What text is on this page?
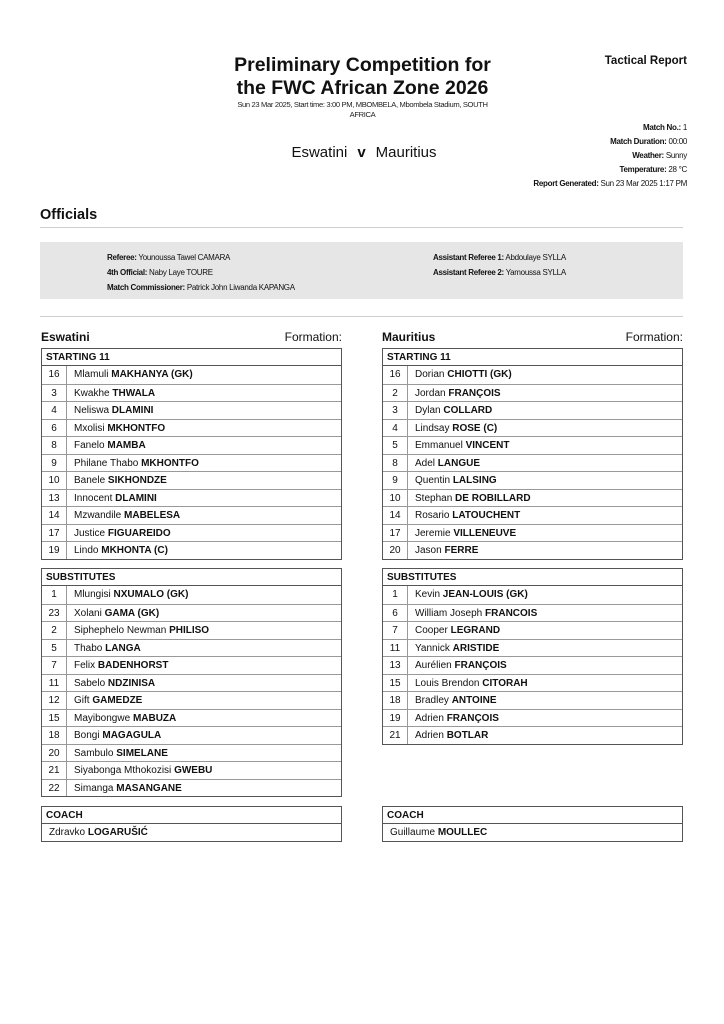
Preliminary Competition for
the FWC African Zone 2026
Sun 23 Mar 2025, Start time: 3:00 PM, MBOMBELA, Mbombela Stadium, SOUTH
AFRICA
Tactical Report
Eswatini v Mauritius
Match No.: 1
Match Duration: 00:00
Weather: Sunny
Temperature: 28 °C
Report Generated: Sun 23 Mar 2025 1:17 PM
Officials
Referee: Younoussa Tawel CAMARA
4th Official: Naby Laye TOURE
Match Commissioner: Patrick John Liwanda KAPANGA
Assistant Referee 1: Abdoulaye SYLLA
Assistant Referee 2: Yamoussa SYLLA
Eswatini	Formation:
STARTING 11
16	Mlamuli MAKHANYA (GK)
3	Kwakhe THWALA
4	Neliswa DLAMINI
6	Mxolisi MKHONTFO
8	Fanelo MAMBA
9	Philane Thabo MKHONTFO
10	Banele SIKHONDZE
13	Innocent DLAMINI
14	Mzwandile MABELESA
17	Justice FIGUAREIDO
19	Lindo MKHONTA (C)
SUBSTITUTES
1	Mlungisi NXUMALO (GK)
23	Xolani GAMA (GK)
2	Siphephelo Newman PHILISO
5	Thabo LANGA
7	Felix BADENHORST
11	Sabelo NDZINISA
12	Gift GAMEDZE
15	Mayibongwe MABUZA
18	Bongi MAGAGULA
20	Sambulo SIMELANE
21	Siyabonga Mthokozisi GWEBU
22	Simanga MASANGANE
COACH
Zdravko LOGARUŠIĆ
Mauritius	Formation:
STARTING 11
16	Dorian CHIOTTI (GK)
2	Jordan FRANÇOIS
3	Dylan COLLARD
4	Lindsay ROSE (C)
5	Emmanuel VINCENT
8	Adel LANGUE
9	Quentin LALSING
10	Stephan DE ROBILLARD
14	Rosario LATOUCHENT
17	Jeremie VILLENEUVE
20	Jason FERRE
SUBSTITUTES
1	Kevin JEAN-LOUIS (GK)
6	William Joseph FRANCOIS
7	Cooper LEGRAND
11	Yannick ARISTIDE
13	Aurélien FRANÇOIS
15	Louis Brendon CITORAH
18	Bradley ANTOINE
19	Adrien FRANÇOIS
21	Adrien BOTLAR
COACH
Guillaume MOULLEC
